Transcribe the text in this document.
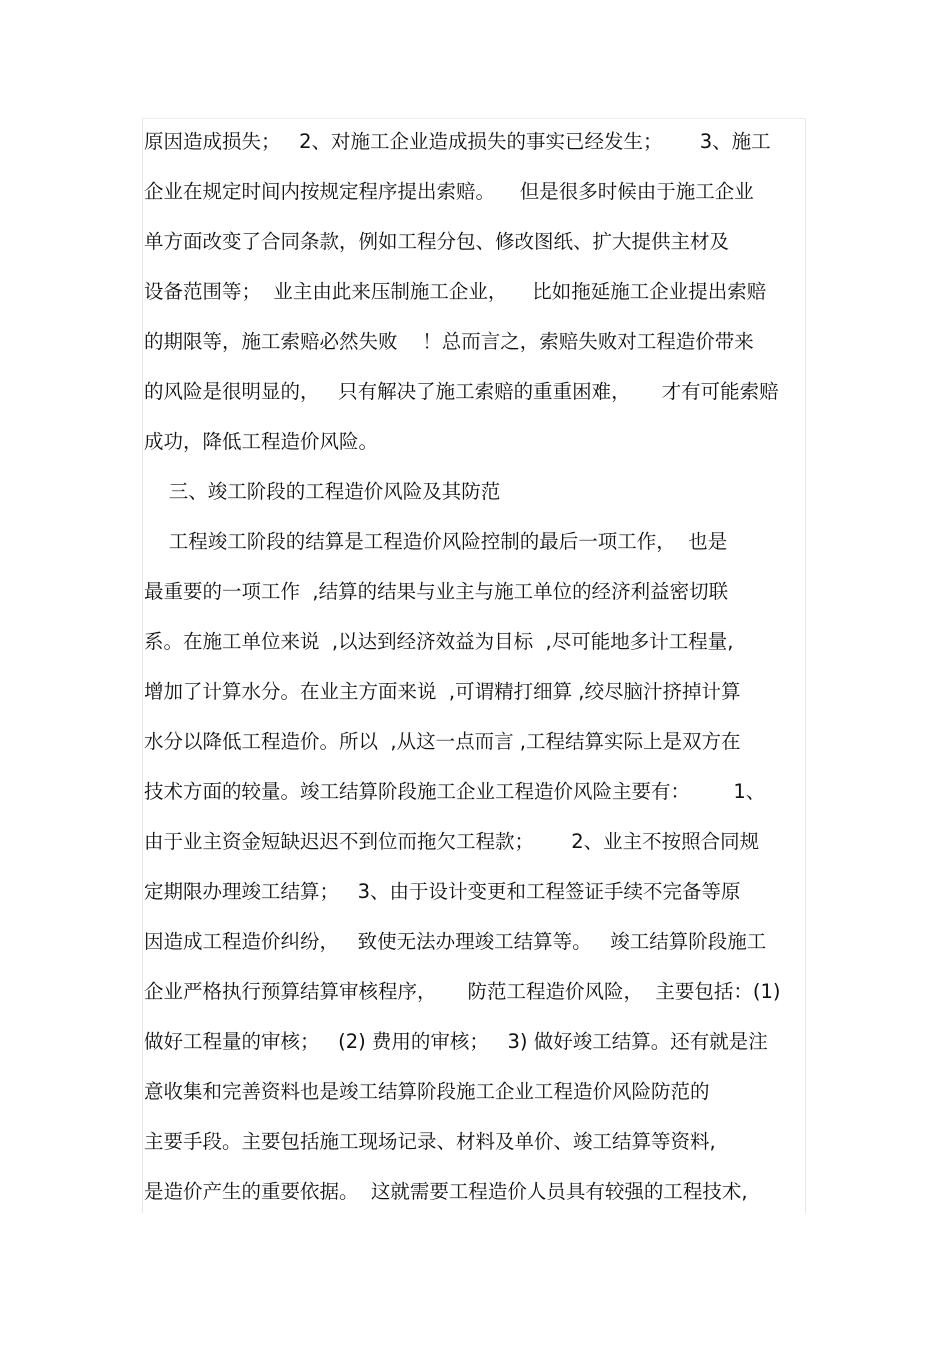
原因造成损失；   2、对施工企业造成损失的事实已经发生；      3、施工
企业在规定时间内按规定程序提出索赔。    但是很多时候由于施工企业
单方面改变了合同条款，例如工程分包、修改图纸、扩大提供主材及
设备范围等；  业主由此来压制施工企业，    比如拖延施工企业提出索赔
的期限等，施工索赔必然失败    ！总而言之，索赔失败对工程造价带来
的风险是很明显的，   只有解决了施工索赔的重重困难，     才有可能索赔
成功，降低工程造价风险。
三、竣工阶段的工程造价风险及其防范
工程竣工阶段的结算是工程造价风险控制的最后一项工作，  也是
最重要的一项工作  ,结算的结果与业主与施工单位的经济利益密切联
系。在施工单位来说  ,以达到经济效益为目标  ,尽可能地多计工程量,
增加了计算水分。在业主方面来说  ,可谓精打细算 ,绞尽脑汁挤掉计算
水分以降低工程造价。所以  ,从这一点而言 ,工程结算实际上是双方在
技术方面的较量。竣工结算阶段施工企业工程造价风险主要有：       1、
由于业主资金短缺迟迟不到位而拖欠工程款；      2、业主不按照合同规
定期限办理竣工结算；   3、由于设计变更和工程签证手续不完备等原
因造成工程造价纠纷，   致使无法办理竣工结算等。   竣工结算阶段施工
企业严格执行预算结算审核程序，     防范工程造价风险，  主要包括：(1)
做好工程量的审核；   (2) 费用的审核；   3) 做好竣工结算。还有就是注
意收集和完善资料也是竣工结算阶段施工企业工程造价风险防范的
主要手段。主要包括施工现场记录、材料及单价、竣工结算等资料,
是造价产生的重要依据。  这就需要工程造价人员具有较强的工程技术,
